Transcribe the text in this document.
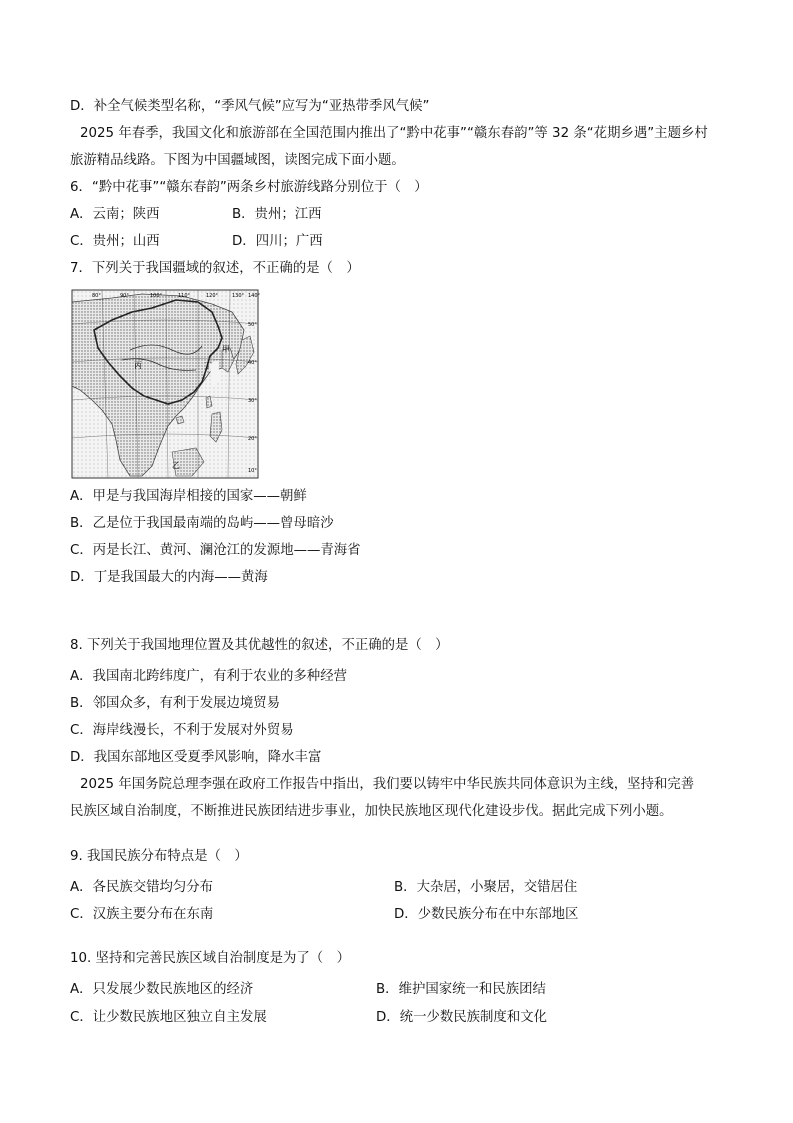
D．补全气候类型名称，“季风气候”应写为“亚热带季风气候”
2025 年春季，我国文化和旅游部在全国范围内推出了“黔中花事”“赣东春韵”等 32 条“花期乡遇”主题乡村
旅游精品线路。下图为中国疆域图，读图完成下面小题。
6．“黔中花事”“赣东春韵”两条乡村旅游线路分别位于（　）
A．云南；陕西	B．贵州；江西
C．贵州；山西	D．四川；广西
7．下列关于我国疆域的叙述，不正确的是（　）
甲
乙
丙	丁
80°	90°	100°	110°	120°	130° 140°
50°
40°
30°
20°
10°
A．甲是与我国海岸相接的国家——朝鲜
B．乙是位于我国最南端的岛屿——曾母暗沙
C．丙是长江、黄河、澜沧江的发源地——青海省
D．丁是我国最大的内海——黄海
8. 下列关于我国地理位置及其优越性的叙述，不正确的是（　）
A．我国南北跨纬度广，有利于农业的多种经营
B．邻国众多，有利于发展边境贸易
C．海岸线漫长，不利于发展对外贸易
D．我国东部地区受夏季风影响，降水丰富
2025 年国务院总理李强在政府工作报告中指出，我们要以铸牢中华民族共同体意识为主线，坚持和完善
民族区域自治制度，不断推进民族团结进步事业，加快民族地区现代化建设步伐。据此完成下列小题。
9. 我国民族分布特点是（　）
A．各民族交错均匀分布	B．大杂居，小聚居，交错居住
C．汉族主要分布在东南	D．少数民族分布在中东部地区
10. 坚持和完善民族区域自治制度是为了（　）
A．只发展少数民族地区的经济	B．维护国家统一和民族团结
C．让少数民族地区独立自主发展	D．统一少数民族制度和文化
